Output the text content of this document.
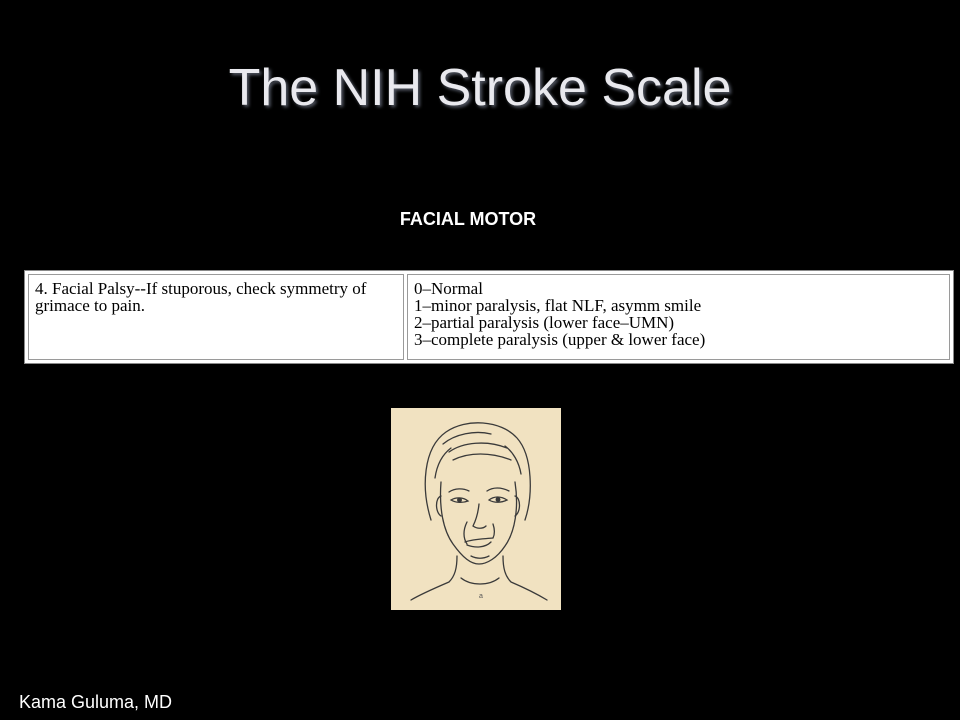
The NIH Stroke Scale
FACIAL MOTOR
4. Facial Palsy--If stuporous, check symmetry of
grimace to pain.
0–Normal
1–minor paralysis, flat NLF, asymm smile
2–partial paralysis (lower face–UMN)
3–complete paralysis (upper & lower face)
a
Kama Guluma, MD
